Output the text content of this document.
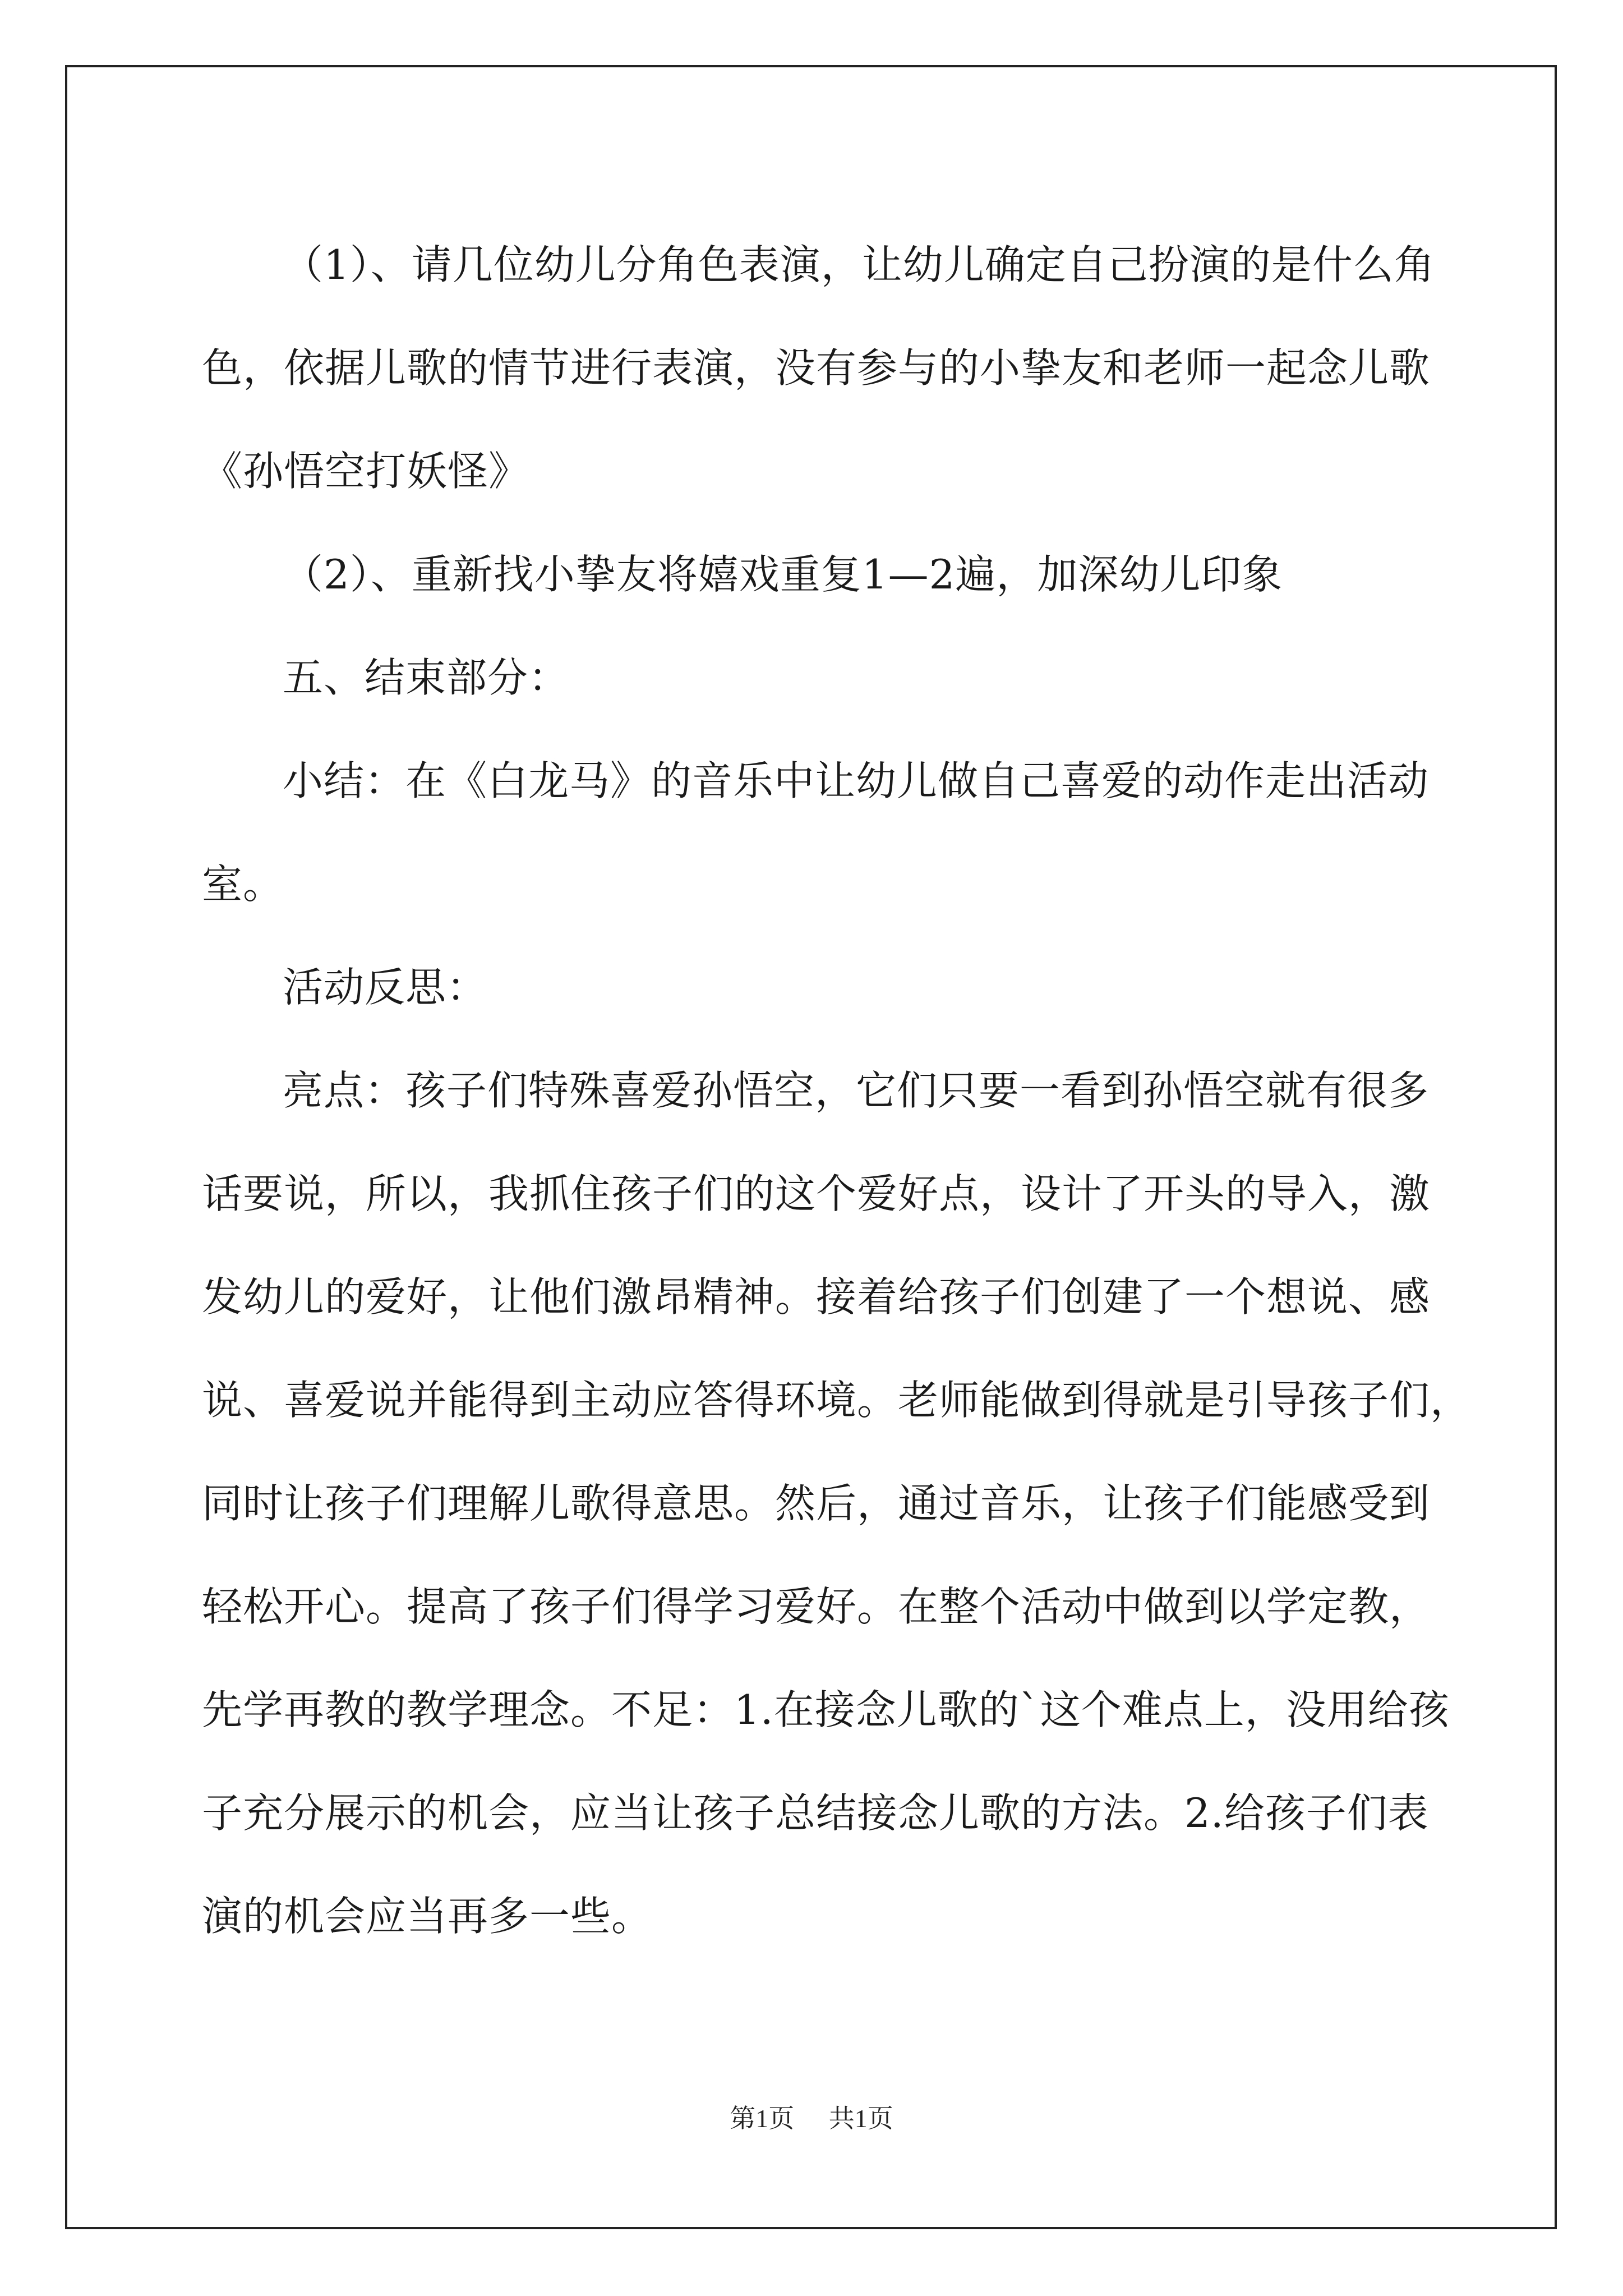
（1）、请几位幼儿分角色表演，让幼儿确定自己扮演的是什么角
色，依据儿歌的情节进行表演，没有参与的小挚友和老师一起念儿歌
《孙悟空打妖怪》
（2）、重新找小挚友将嬉戏重复1—2遍，加深幼儿印象
五、结束部分：
小结：在《白龙马》的音乐中让幼儿做自己喜爱的动作走出活动
室。
活动反思：
亮点：孩子们特殊喜爱孙悟空，它们只要一看到孙悟空就有很多
话要说，所以，我抓住孩子们的这个爱好点，设计了开头的导入，激
发幼儿的爱好，让他们激昂精神。接着给孩子们创建了一个想说、感
说、喜爱说并能得到主动应答得环境。老师能做到得就是引导孩子们，
同时让孩子们理解儿歌得意思。然后，通过音乐，让孩子们能感受到
轻松开心。提高了孩子们得学习爱好。在整个活动中做到以学定教，
先学再教的教学理念。不足：1.在接念儿歌的`这个难点上，没用给孩
子充分展示的机会，应当让孩子总结接念儿歌的方法。2.给孩子们表
演的机会应当再多一些。
第1页 共1页
